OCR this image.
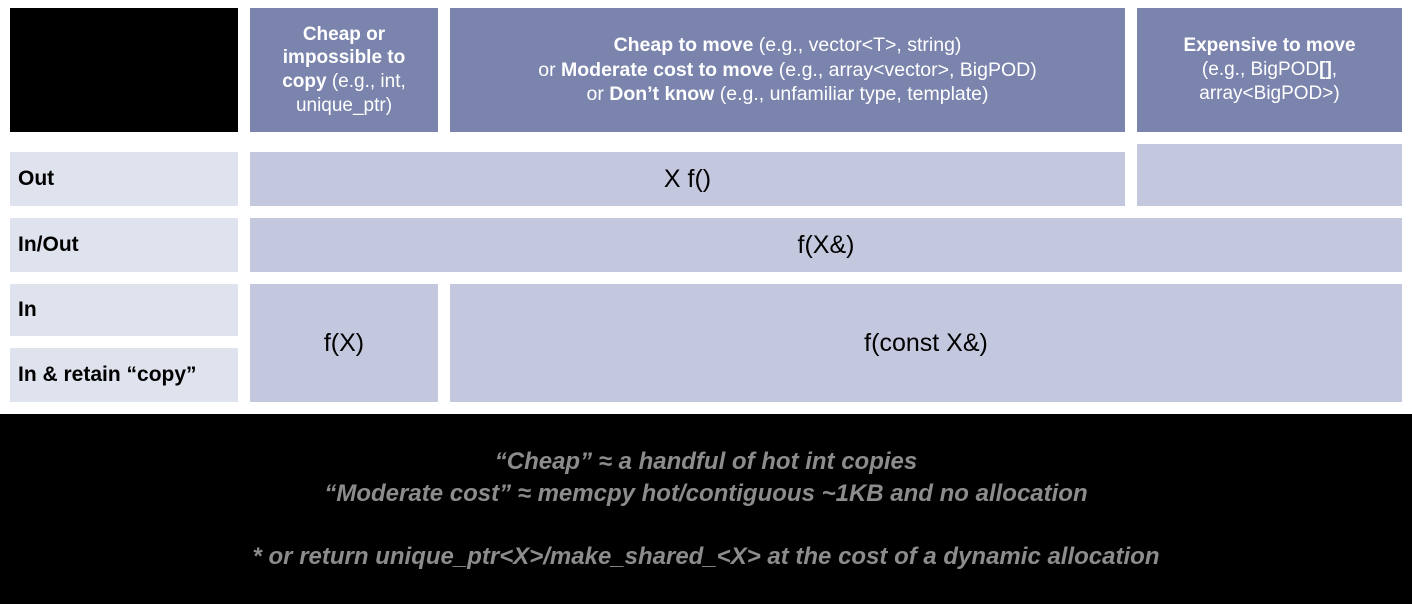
Cheap or impossible to copy (e.g., int, unique_ptr)
Cheap to move (e.g., vector<T>, string)
or Moderate cost to move (e.g., array<vector>, BigPOD)
or Don’t know (e.g., unfamiliar type, template)
Expensive to move
(e.g., BigPOD[],
array<BigPOD>)
Out
In/Out
In
In & retain “copy”
X f()
f(X&)
f(X)	f(const X&)
“Cheap” ≈ a handful of hot int copies
“Moderate cost” ≈ memcpy hot/contiguous ~1KB and no allocation
* or return unique_ptr<X>/make_shared_<X> at the cost of a dynamic allocation
